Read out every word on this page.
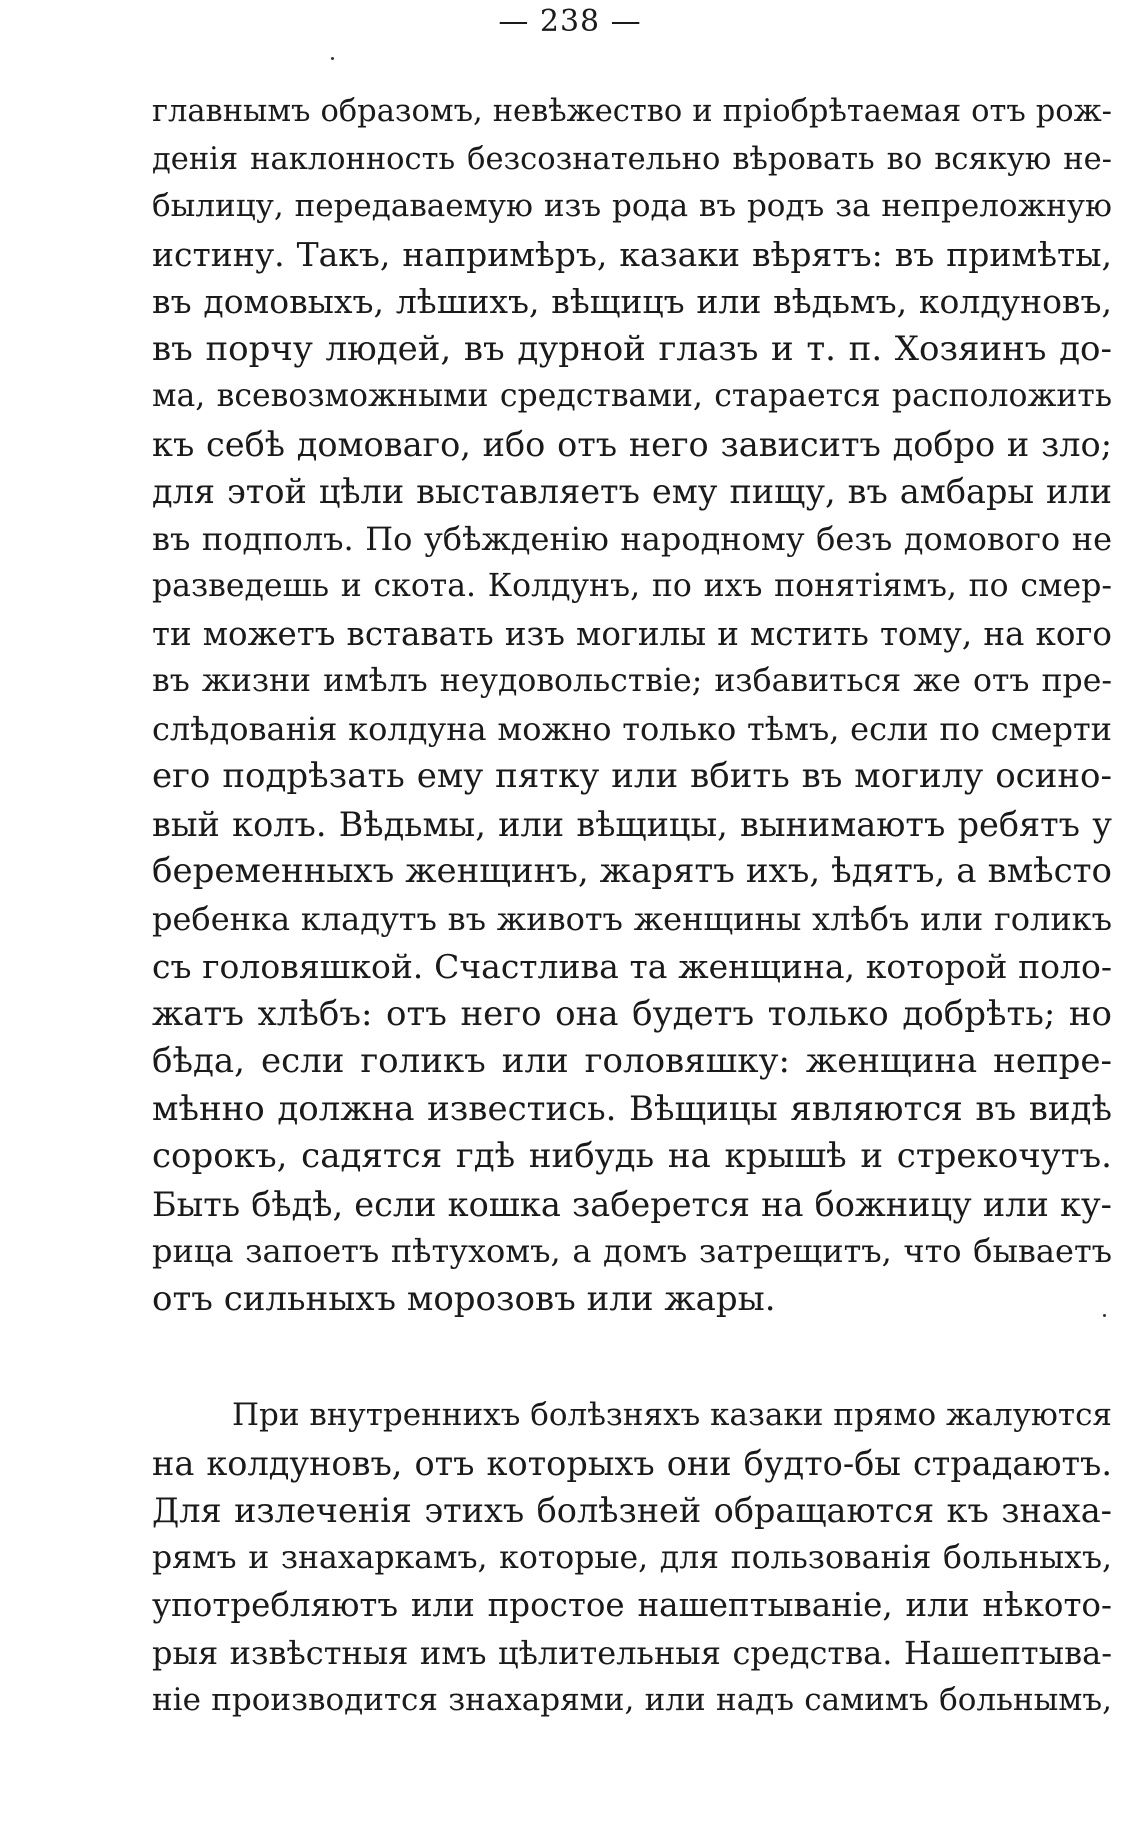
— 238 —
главнымъ образомъ, невѣжество и пріобрѣтаемая отъ рож-
денія наклонность безсознательно вѣровать во всякую не-
былицу, передаваемую изъ рода въ родъ за непреложную
истину. Такъ, напримѣръ, казаки вѣрятъ: въ примѣты,
въ домовыхъ, лѣшихъ, вѣщицъ или вѣдьмъ, колдуновъ,
въ порчу людей, въ дурной глазъ и т. п. Хозяинъ до-
ма, всевозможными средствами, старается расположить
къ себѣ домоваго, ибо отъ него зависитъ добро и зло;
для этой цѣли выставляетъ ему пищу, въ амбары или
въ подполъ. По убѣжденію народному безъ домового не
разведешь и скота. Колдунъ, по ихъ понятіямъ, по смер-
ти можетъ вставать изъ могилы и мстить тому, на кого
въ жизни имѣлъ неудовольствіе; избавиться же отъ пре-
слѣдованія колдуна можно только тѣмъ, если по смерти
его подрѣзать ему пятку или вбить въ могилу осино-
вый колъ. Вѣдьмы, или вѣщицы, вынимаютъ ребятъ у
беременныхъ женщинъ, жарятъ ихъ, ѣдятъ, а вмѣсто
ребенка кладутъ въ животъ женщины хлѣбъ или голикъ
съ головяшкой. Счастлива та женщина, которой поло-
жатъ хлѣбъ: отъ него она будетъ только добрѣть; но
бѣда, если голикъ или головяшку: женщина непре-
мѣнно должна известись. Вѣщицы являются въ видѣ
сорокъ, садятся гдѣ нибудь на крышѣ и стрекочутъ.
Быть бѣдѣ, если кошка заберется на божницу или ку-
рица запоетъ пѣтухомъ, а домъ затрещитъ, что бываетъ
отъ сильныхъ морозовъ или жары.
При внутреннихъ болѣзняхъ казаки прямо жалуются
на колдуновъ, отъ которыхъ они будто-бы страдаютъ.
Для излеченія этихъ болѣзней обращаются къ знаха-
рямъ и знахаркамъ, которые, для пользованія больныхъ,
употребляютъ или простое нашептываніе, или нѣкото-
рыя извѣстныя имъ цѣлительныя средства. Нашептыва-
ніе производится знахарями, или надъ самимъ больнымъ,
